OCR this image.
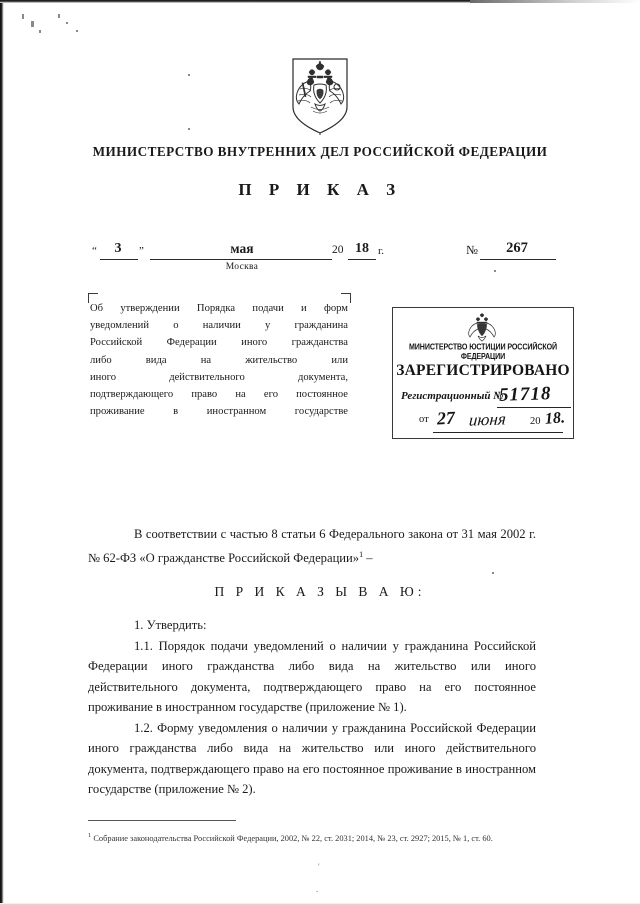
МИНИСТЕРСТВО ВНУТРЕННИХ ДЕЛ РОССИЙСКОЙ ФЕДЕРАЦИИ
П Р И К А З
“	3	”	мая	20 18 г.	№	267
Москва

Об утверждении Порядка подачи и форм

уведомлений о наличии у гражданина

Российской Федерации иного гражданства

либо вида на жительство или

иного действительного документа,

подтверждающего право на его постоянное

проживание в иностранном государстве

МИНИСТЕРСТВО ЮСТИЦИИ РОССИЙСКОЙ ФЕДЕРАЦИИ
ЗАРЕГИСТРИРОВАНО
Регистрационный №
51718
от 27 июня 20 18.

В соответствии с частью 8 статьи 6 Федерального закона от 31 мая 2002 г. № 62-ФЗ «О гражданстве Российской Федерации»$^1$ –

П Р И К А З Ы В А Ю:

1. Утвердить:

1.1. Порядок подачи уведомлений о наличии у гражданина Российской Федерации иного гражданства либо вида на жительство или иного действительного документа, подтверждающего право на его постоянное проживание в иностранном государстве (приложение № 1).

1.2. Форму уведомления о наличии у гражданина Российской Федерации иного гражданства либо вида на жительство или иного действительного документа, подтверждающего право на его постоянное проживание в иностранном государстве (приложение № 2).

$^1$ Собрание законодательства Российской Федерации, 2002, № 22, ст. 2031; 2014, № 23, ст. 2927; 2015, № 1, ст. 60.
'
.
